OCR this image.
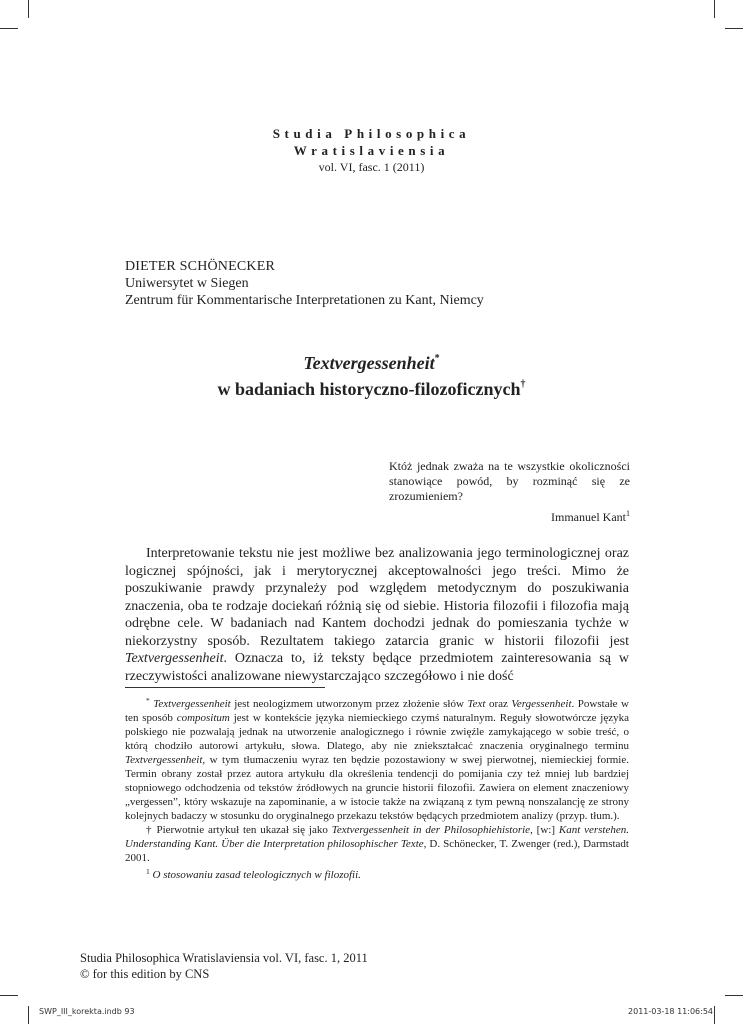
Studia Philosophica
Wratislaviensia
vol. VI, fasc. 1 (2011)
DIETER SCHÖNECKER
Uniwersytet w Siegen
Zentrum für Kommentarische Interpretationen zu Kant, Niemcy
Textvergessenheit*
w badaniach historyczno-filozoficznych†
Któż jednak zważa na te wszystkie okoliczności stanowiące powód, by rozminąć się ze zrozumieniem?
Immanuel Kant$^1$

Interpretowanie tekstu nie jest możliwe bez analizowania jego terminologicznej oraz logicznej spójności, jak i merytorycznej akceptowalności jego treści. Mimo że poszukiwanie prawdy przynależy pod względem metodycznym do poszukiwania znaczenia, oba te rodzaje dociekań różnią się od siebie. Historia filozofii i filozofia mają odrębne cele. W badaniach nad Kantem dochodzi jednak do pomieszania tychże w niekorzystny sposób. Rezultatem takiego zatarcia granic w historii filozofii jest Textvergessenheit. Oznacza to, iż teksty będące przedmiotem zainteresowania są w rzeczywistości analizowane niewystarczająco szczegółowo i nie dość

* Textvergessenheit jest neologizmem utworzonym przez złożenie słów Text oraz Vergessenheit. Powstałe w ten sposób compositum jest w kontekście języka niemieckiego czymś naturalnym. Reguły słowotwórcze języka polskiego nie pozwalają jednak na utworzenie analogicznego i równie zwięźle zamykającego w sobie treść, o którą chodziło autorowi artykułu, słowa. Dlatego, aby nie zniekształcać znaczenia oryginalnego terminu Textvergessenheit, w tym tłumaczeniu wyraz ten będzie pozostawiony w swej pierwotnej, niemieckiej formie. Termin obrany został przez autora artykułu dla określenia tendencji do pomijania czy też mniej lub bardziej stopniowego odchodzenia od tekstów źródłowych na gruncie historii filozofii. Zawiera on element znaczeniowy „vergessen”, który wskazuje na zapominanie, a w istocie także na związaną z tym pewną nonszalancję ze strony kolejnych badaczy w stosunku do oryginalnego przekazu tekstów będących przedmiotem analizy (przyp. tłum.).

† Pierwotnie artykuł ten ukazał się jako Textvergessenheit in der Philosophiehistorie, [w:] Kant verstehen. Understanding Kant. Über die Interpretation philosophischer Texte, D. Schönecker, T. Zwenger (red.), Darmstadt 2001.

$^1$ O stosowaniu zasad teleologicznych w filozofii.

Studia Philosophica Wratislaviensia vol. VI, fasc. 1, 2011
© for this edition by CNS
SWP_III_korekta.indb 93	2011-03-18 11:06:54
